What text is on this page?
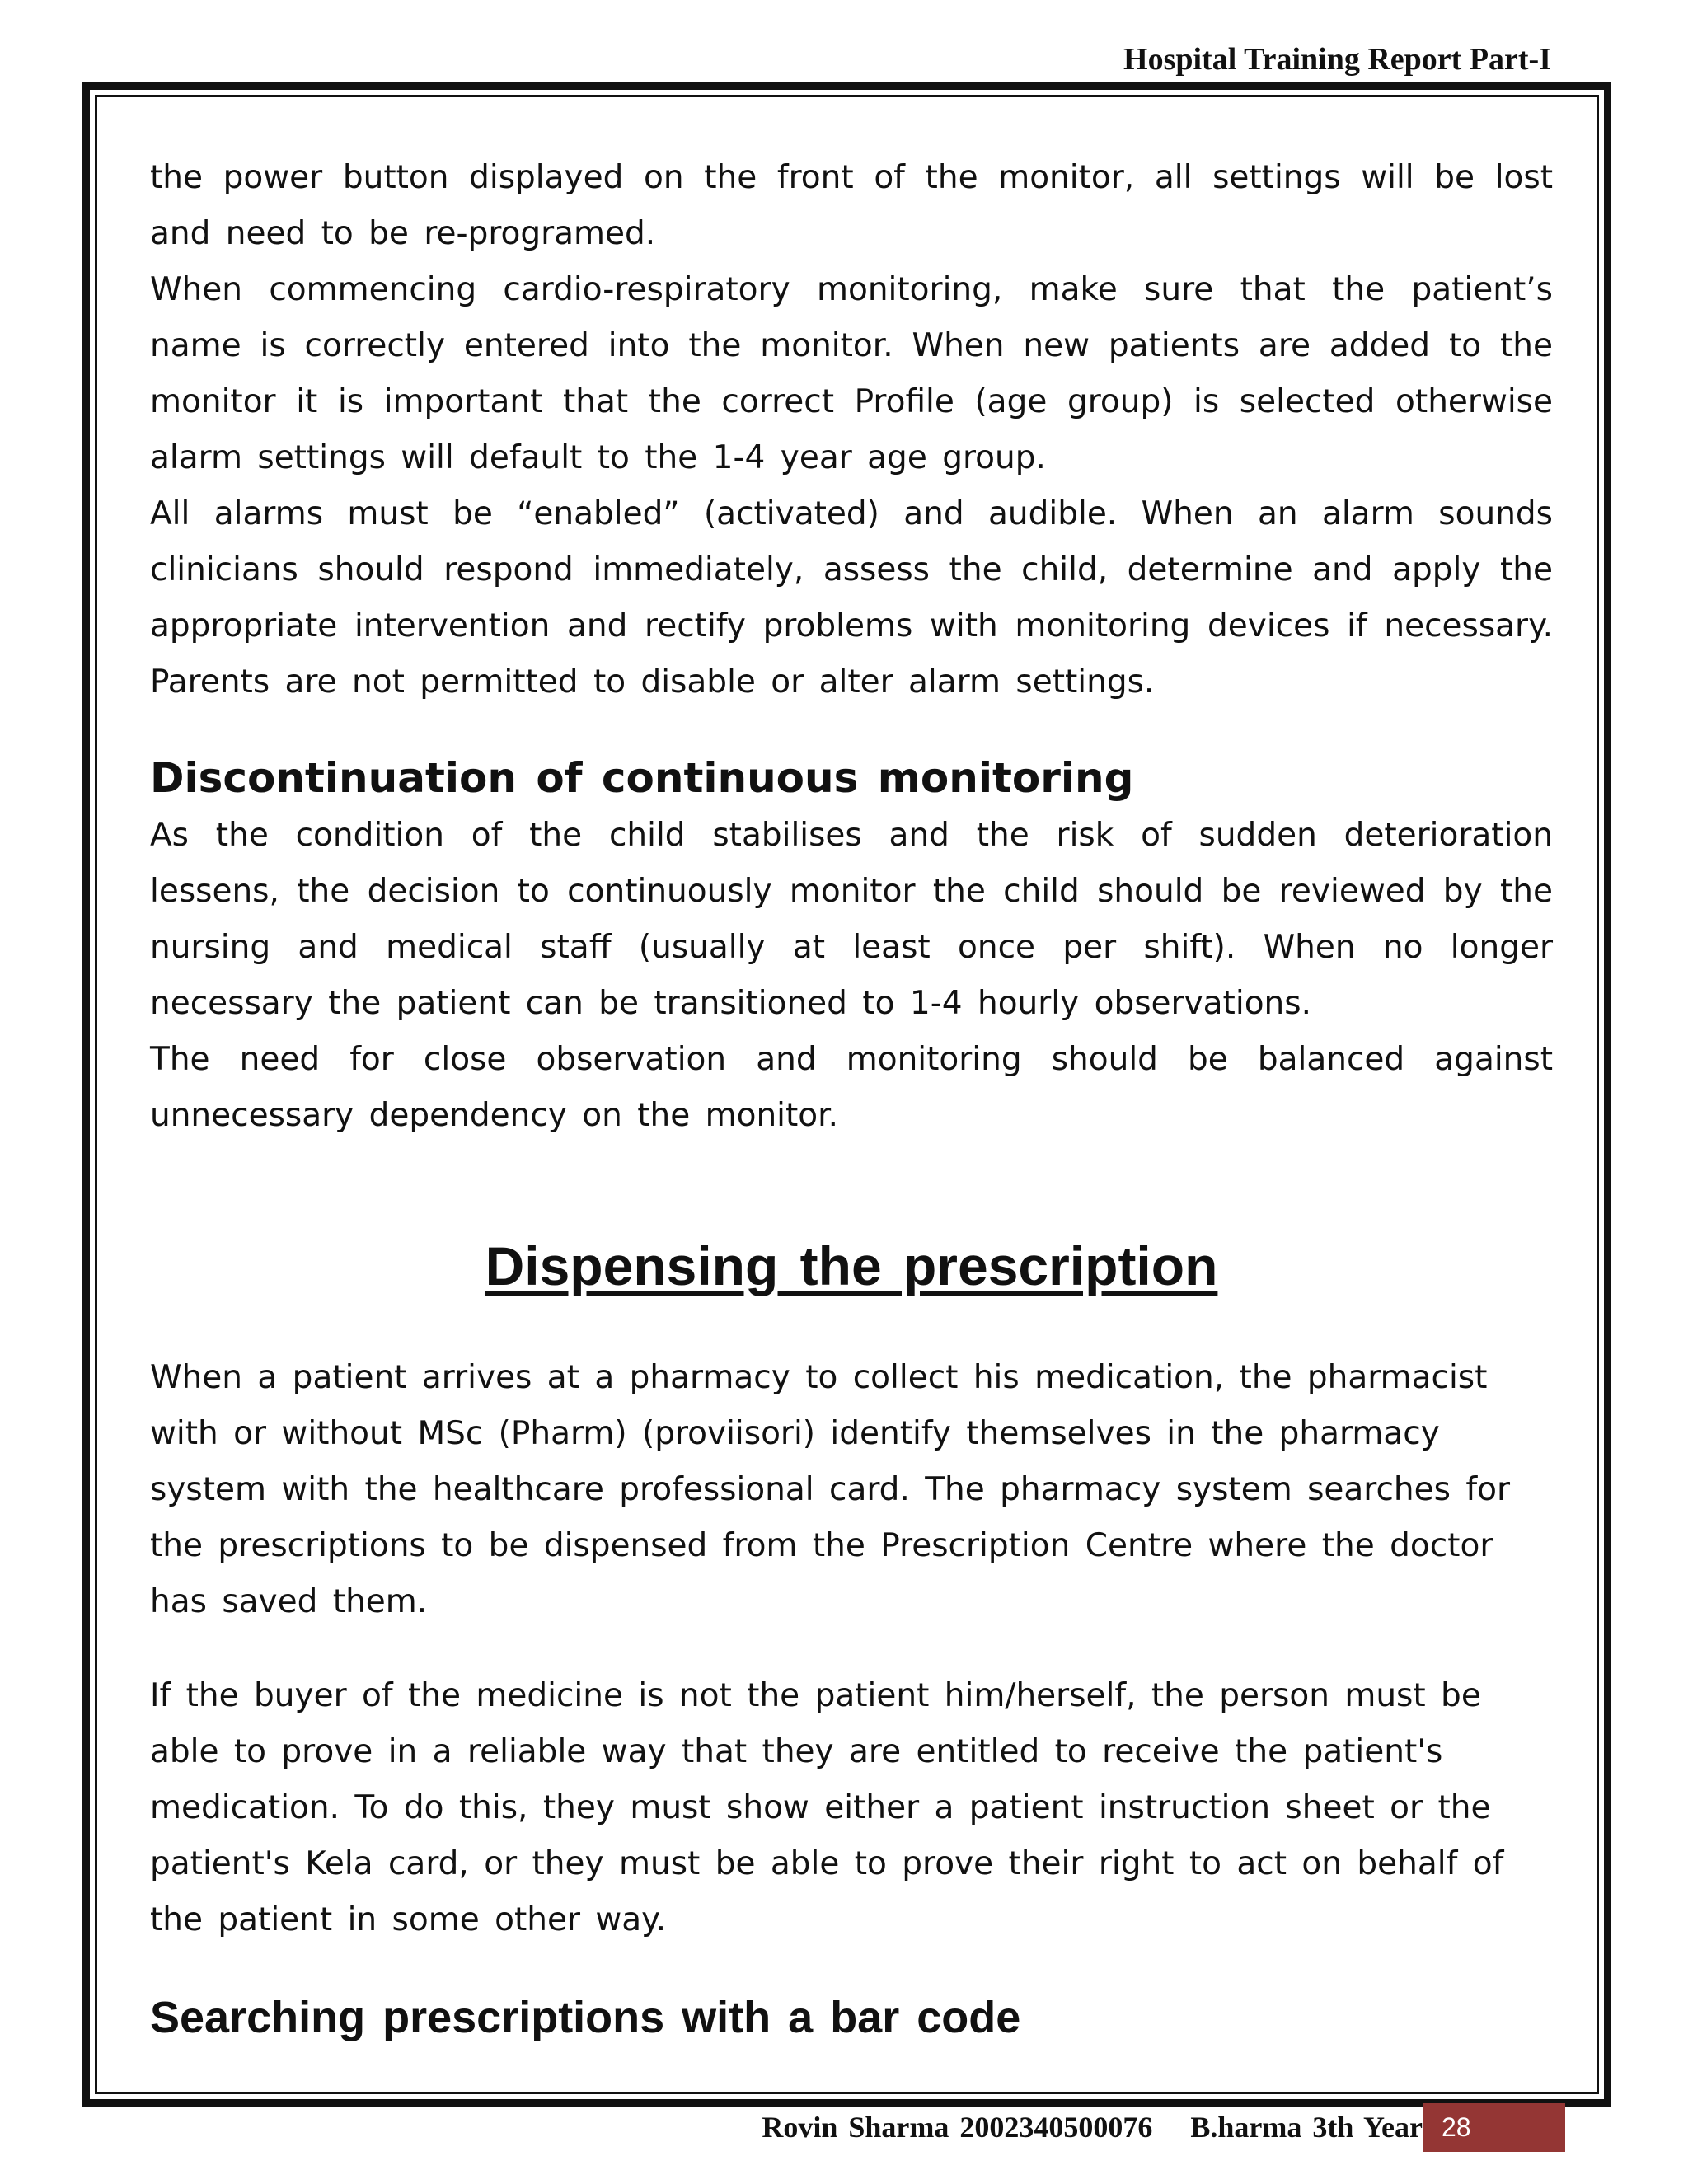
Hospital Training Report Part-I

the power button displayed on the front of the monitor, all settings will be lost and need to be re-programed.

When commencing cardio-respiratory monitoring, make sure that the patient’s name is correctly entered into the monitor. When new patients are added to the monitor it is important that the correct Profile (age group) is selected otherwise alarm settings will default to the 1-4 year age group.

All alarms must be “enabled” (activated) and audible. When an alarm sounds clinicians should respond immediately, assess the child, determine and apply the appropriate intervention and rectify problems with monitoring devices if necessary. Parents are not permitted to disable or alter alarm settings.

Discontinuation of continuous monitoring

As the condition of the child stabilises and the risk of sudden deterioration lessens, the decision to continuously monitor the child should be reviewed by the nursing and medical staff (usually at least once per shift). When no longer necessary the patient can be transitioned to 1-4 hourly observations.

The need for close observation and monitoring should be balanced against unnecessary dependency on the monitor.

Dispensing the prescription

When a patient arrives at a pharmacy to collect his medication, the pharmacist with or without MSc (Pharm) (proviisori) identify themselves in the pharmacy system with the healthcare professional card. The pharmacy system searches for the prescriptions to be dispensed from the Prescription Centre where the doctor has saved them.

If the buyer of the medicine is not the patient him/herself, the person must be able to prove in a reliable way that they are entitled to receive the patient's medication. To do this, they must show either a patient instruction sheet or the patient's Kela card, or they must be able to prove their right to act on behalf of the patient in some other way.

Searching prescriptions with a bar code
Rovin Sharma 2002340500076 B.harma 3th Year 28
